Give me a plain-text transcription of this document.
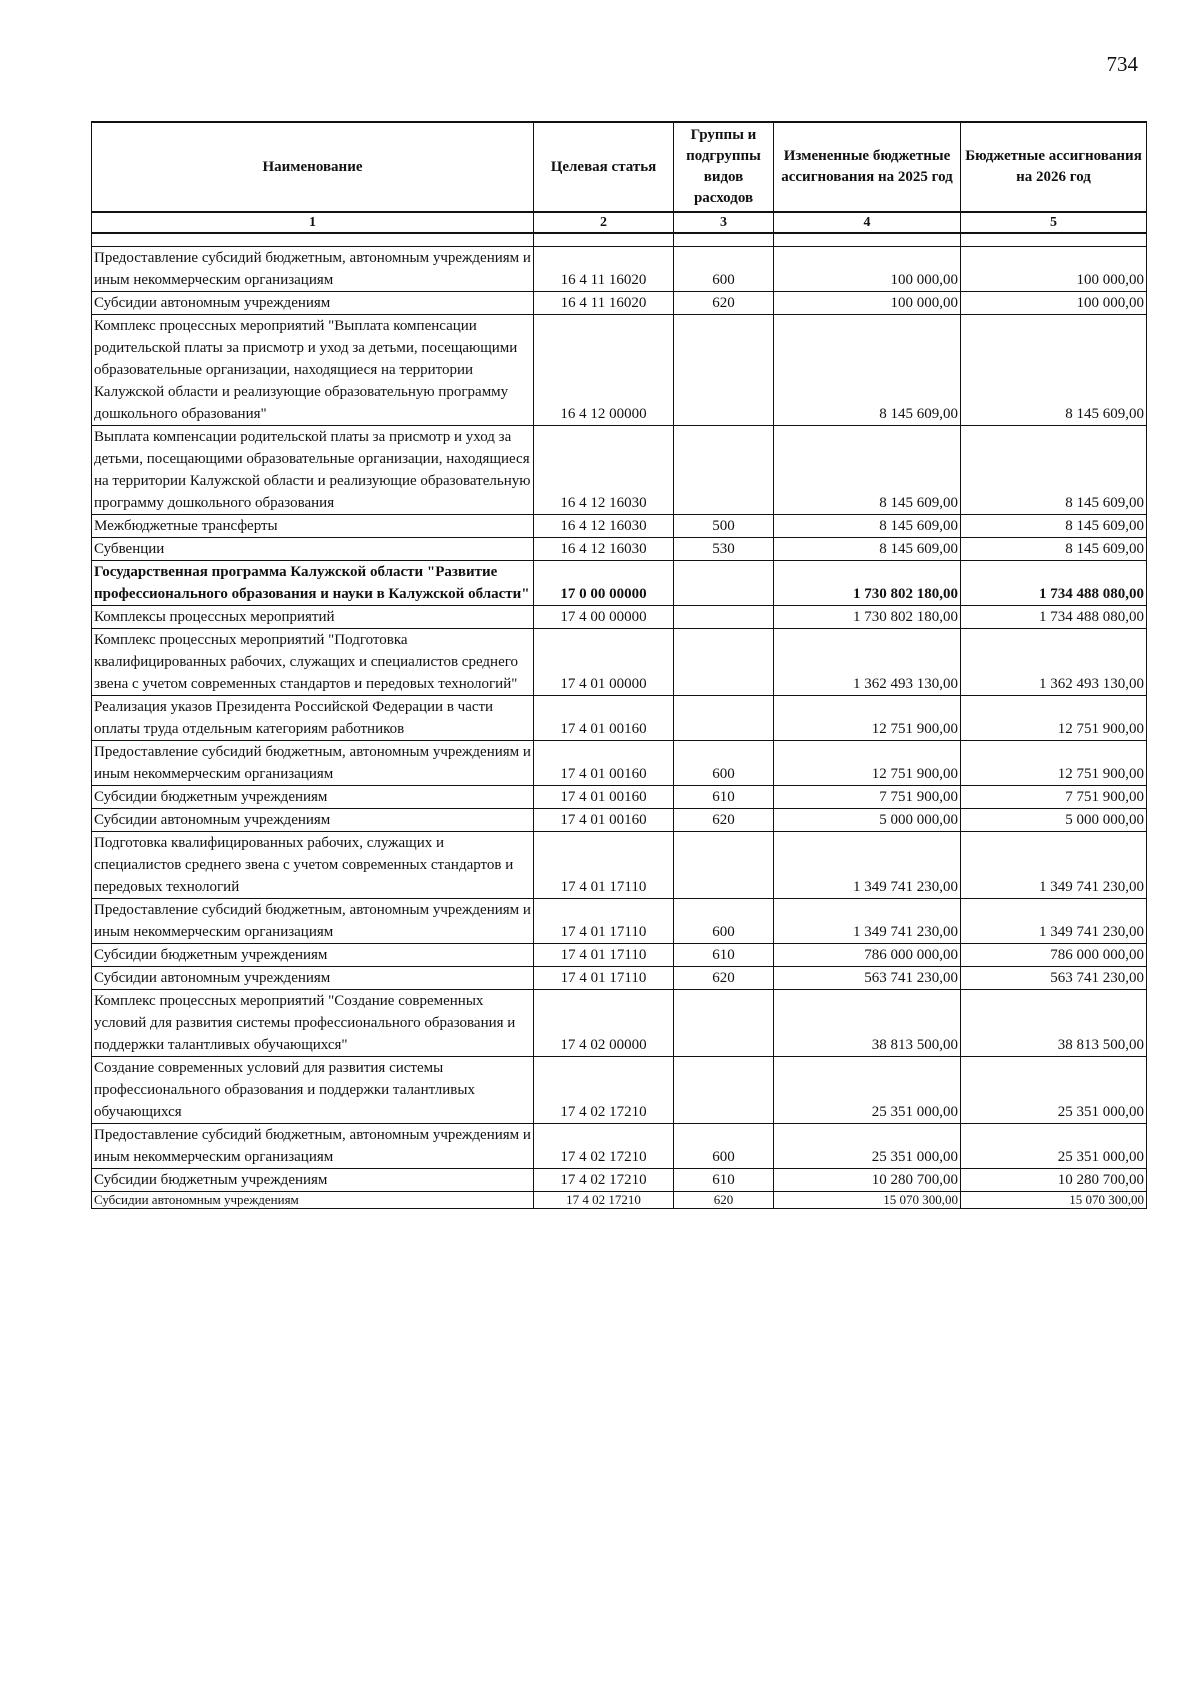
734
Наименование	Целевая статья	Группы и подгруппы видов расходов	Измененные бюджетные ассигнования на 2025 год	Бюджетные ассигнования на 2026 год
1	2	3	4	5

Предоставление субсидий бюджетным, автономным учреждениям и иным некоммерческим организациям	16 4 11 16020	600	100 000,00	100 000,00
Субсидии автономным учреждениям	16 4 11 16020	620	100 000,00	100 000,00
Комплекс процессных мероприятий "Выплата компенсации родительской платы за присмотр и уход за детьми, посещающими образовательные организации, находящиеся на территории Калужской области и реализующие образовательную программу дошкольного образования"	16 4 12 00000		8 145 609,00	8 145 609,00
Выплата компенсации родительской платы за присмотр и уход за детьми, посещающими образовательные организации, находящиеся на территории Калужской области и реализующие образовательную программу дошкольного образования	16 4 12 16030		8 145 609,00	8 145 609,00
Межбюджетные трансферты	16 4 12 16030	500	8 145 609,00	8 145 609,00
Субвенции	16 4 12 16030	530	8 145 609,00	8 145 609,00
Государственная программа Калужской области "Развитие профессионального образования и науки в Калужской области"	17 0 00 00000		1 730 802 180,00	1 734 488 080,00
Комплексы процессных мероприятий	17 4 00 00000		1 730 802 180,00	1 734 488 080,00
Комплекс процессных мероприятий "Подготовка квалифицированных рабочих, служащих и специалистов среднего звена с учетом современных стандартов и передовых технологий"	17 4 01 00000		1 362 493 130,00	1 362 493 130,00
Реализация указов Президента Российской Федерации в части оплаты труда отдельным категориям работников	17 4 01 00160		12 751 900,00	12 751 900,00
Предоставление субсидий бюджетным, автономным учреждениям и иным некоммерческим организациям	17 4 01 00160	600	12 751 900,00	12 751 900,00
Субсидии бюджетным учреждениям	17 4 01 00160	610	7 751 900,00	7 751 900,00
Субсидии автономным учреждениям	17 4 01 00160	620	5 000 000,00	5 000 000,00
Подготовка квалифицированных рабочих, служащих и специалистов среднего звена с учетом современных стандартов и передовых технологий	17 4 01 17110		1 349 741 230,00	1 349 741 230,00
Предоставление субсидий бюджетным, автономным учреждениям и иным некоммерческим организациям	17 4 01 17110	600	1 349 741 230,00	1 349 741 230,00
Субсидии бюджетным учреждениям	17 4 01 17110	610	786 000 000,00	786 000 000,00
Субсидии автономным учреждениям	17 4 01 17110	620	563 741 230,00	563 741 230,00
Комплекс процессных мероприятий "Создание современных условий для развития системы профессионального образования и поддержки талантливых обучающихся"	17 4 02 00000		38 813 500,00	38 813 500,00
Создание современных условий для развития системы профессионального образования и поддержки талантливых обучающихся	17 4 02 17210		25 351 000,00	25 351 000,00
Предоставление субсидий бюджетным, автономным учреждениям и иным некоммерческим организациям	17 4 02 17210	600	25 351 000,00	25 351 000,00
Субсидии бюджетным учреждениям	17 4 02 17210	610	10 280 700,00	10 280 700,00
Субсидии автономным учреждениям	17 4 02 17210	620	15 070 300,00	15 070 300,00
